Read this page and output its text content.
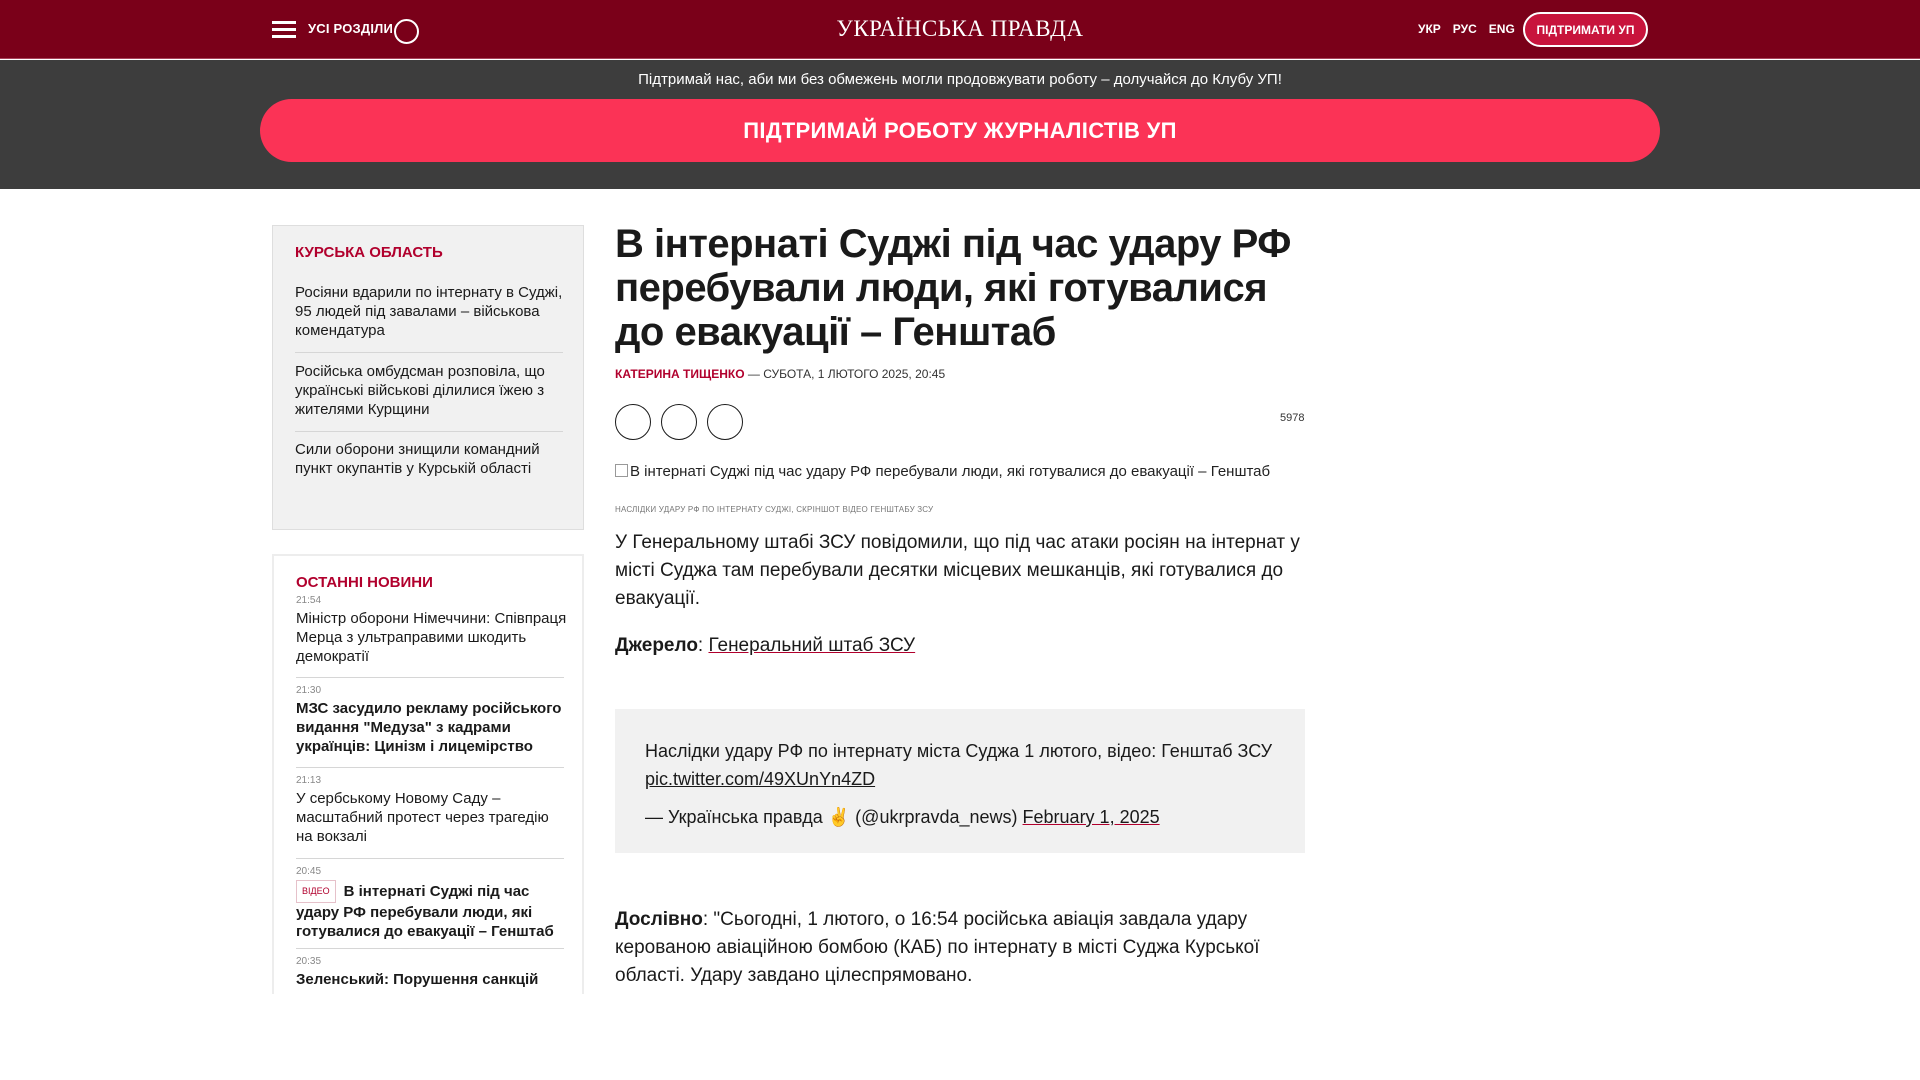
УСІ РОЗДІЛИ	УКРАЇНСЬКА ПРАВДА	УКР РУС ENG	ПІДТРИМАТИ УП
Підтримай нас, аби ми без обмежень могли продовжувати роботу – долучайся до Клубу УП!
ПІДТРИМАЙ РОБОТУ ЖУРНАЛІСТІВ УП
КУРСЬКА ОБЛАСТЬ
Росіяни вдарили по інтернату в Суджі, 95 людей під завалами – військова комендатура
Російська омбудсман розповіла, що українські військові ділилися їжею з жителями Курщини
Сили оборони знищили командний пункт окупантів у Курській області
ОСТАННІ НОВИНИ
21:54
Міністр оборони Німеччини: Співпраця Мерца з ультраправими шкодить демократії
21:30
МЗС засудило рекламу російського видання "Медуза" з кадрами українців: Цинізм і лицемірство
21:13
У сербському Новому Саду – масштабний протест через трагедію на вокзалі
20:45
ВІДЕО В інтернаті Суджі під час удару РФ перебували люди, які готувалися до евакуації – Генштаб
20:35
Зеленський: Порушення санкцій
В інтернаті Суджі під час удару РФ перебували люди, які готувалися до евакуації – Генштаб
КАТЕРИНА ТИЩЕНКО — СУБОТА, 1 ЛЮТОГО 2025, 20:45
5978
В інтернаті Суджі під час удару РФ перебували люди, які готувалися до евакуації – Генштаб
НАСЛІДКИ УДАРУ РФ ПО ІНТЕРНАТУ СУДЖІ, СКРІНШОТ ВІДЕО ГЕНШТАБУ ЗСУ

У Генеральному штабі ЗСУ повідомили, що під час атаки росіян на інтернат у місті Суджа там перебували десятки місцевих мешканців, які готувалися до евакуації.

Джерело: Генеральний штаб ЗСУ

Наслідки удару РФ по інтернату міста Суджа 1 лютого, відео: Генштаб ЗСУ pic.twitter.com/49XUnYn4ZD
— Українська правда ✌️ (@ukrpravda_news) February 1, 2025

Дослівно: "Сьогодні, 1 лютого, о 16:54 російська авіація завдала удару керованою авіаційною бомбою (КАБ) по інтернату в місті Суджа Курської області. Удару завдано цілеспрямовано.
